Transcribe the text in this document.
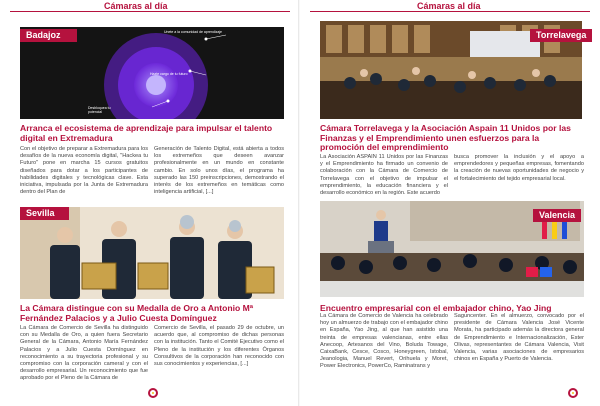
Cámaras al día
Unete a la comunidad de aprendizaje
Hazte cargo de tu futuro
Desbloquea tu potencial
Badajoz
Arranca el ecosistema de aprendizaje para impulsar el talento digital en Extremadura
Con el objetivo de preparar a Extremadura para los desafíos de la nueva economía digital, "Hackea tu Futuro" pone en marcha 15 cursos gratuitos diseñados para dotar a los participantes de habilidades digitales y tecnológicas clave. Esta iniciativa, impulsada por la Junta de Extremadura dentro del Plan de
Generación de Talento Digital, está abierta a todos los extremeños que deseen avanzar profesionalmente en un mundo en constante cambio. En solo unos días, el programa ha superado las 150 preinscripciones, demostrando el interés de los extremeños en temáticas como inteligencia artificial, [...]
Sevilla
La Cámara distingue con su Medalla de Oro a Antonio Mª Fernández Palacios y a Julio Cuesta Domínguez
La Cámara de Comercio de Sevilla ha distinguido con su Medalla de Oro, a quien fuera Secretario General de la Cámara, Antonio María Fernández Palacios y a Julio Cuesta Domínguez en reconocimiento a su trayectoria profesional y su compromiso con la corporación cameral y con el desarrollo empresarial. Un reconocimiento que fue aprobado por el Pleno de la Cámara de
Comercio de Sevilla, el pasado 29 de octubre, un acuerdo que, al compromiso de dichas personas con la institución. Tanto el Comité Ejecutivo como el Pleno de la institución y los diferentes Órganos Consultivos de la corporación han reconocido con sus conocimientos y experiencias, [...]
Cámaras al día
Torrelavega
Cámara Torrelavega y la Asociación Aspain 11 Unidos por las Finanzas y el Emprendimiento unen esfuerzos para la promoción del emprendimiento
La Asociación ASPAIN 11 Unidos por las Finanzas y el Emprendimiento ha firmado un convenio de colaboración con la Cámara de Comercio de Torrelavega con el objetivo de impulsar el emprendimiento, la educación financiera y el desarrollo económico en la región. Este acuerdo
busca promover la inclusión y el apoyo a emprendedores y pequeñas empresas, fomentando la creación de nuevas oportunidades de negocio y el fortalecimiento del tejido empresarial local.
Valencia
Encuentro empresarial con el embajador chino, Yao Jing
La Cámara de Comercio de Valencia ha celebrado hoy un almuerzo de trabajo con el embajador chino en España, Yao Jing, al que han asistido una treinta de empresas valencianas, entre ellas Anecoop, Artesanos del Vino, Boluda Towage, CaixaBank, Cesce, Cosco, Honeygreen, Istobal, Jeanologia, Manuel Revert, Orihuela y Moret, Power Electronics, PowerCo, Raminatrans y
Saguncenter. En el almuerzo, convocado por el presidente de Cámara Valencia José Vicente Morata, ha participado además la directora general de Emprendimiento e Internacionalización, Ester Olivas, representantes de Cámara Valencia, Visit Valencia, varias asociaciones de empresarios chinos en España y Puerto de Valencia.
